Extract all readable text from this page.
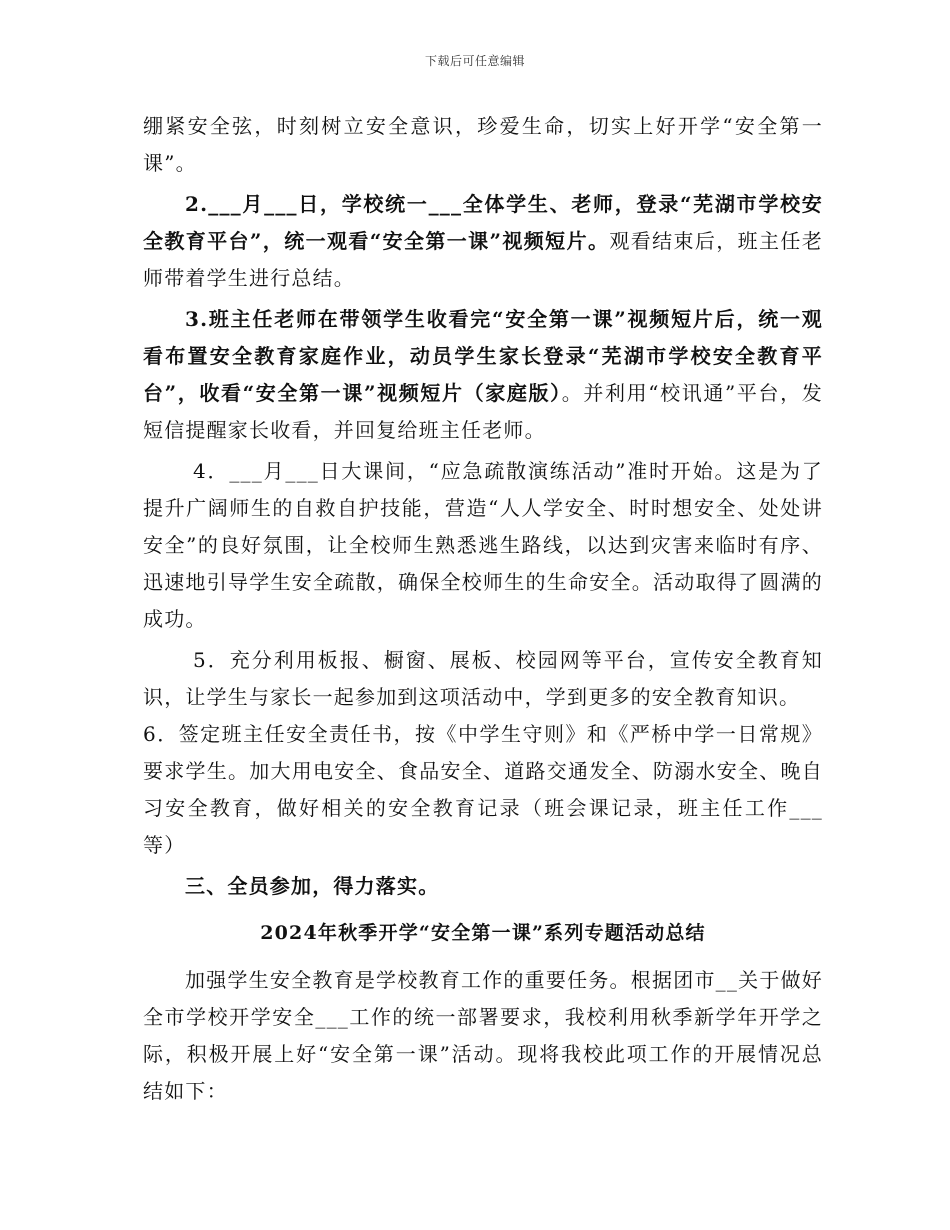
下载后可任意编辑

绷紧安全弦，时刻树立安全意识，珍爱生命，切实上好开学“安全第一课”。

2.___月___日，学校统一___全体学生、老师，登录“芜湖市学校安全教育平台”，统一观看“安全第一课”视频短片。观看结束后，班主任老师带着学生进行总结。

3.班主任老师在带领学生收看完“安全第一课”视频短片后，统一观看布置安全教育家庭作业，动员学生家长登录“芜湖市学校安全教育平台”，收看“安全第一课”视频短片（家庭版）。并利用“校讯通”平台，发短信提醒家长收看，并回复给班主任老师。

4．___月___日大课间，“应急疏散演练活动”准时开始。这是为了提升广阔师生的自救自护技能，营造“人人学安全、时时想安全、处处讲安全”的良好氛围，让全校师生熟悉逃生路线，以达到灾害来临时有序、迅速地引导学生安全疏散，确保全校师生的生命安全。活动取得了圆满的成功。

5．充分利用板报、橱窗、展板、校园网等平台，宣传安全教育知识，让学生与家长一起参加到这项活动中，学到更多的安全教育知识。

6．签定班主任安全责任书，按《中学生守则》和《严桥中学一日常规》要求学生。加大用电安全、食品安全、道路交通发全、防溺水安全、晚自习安全教育，做好相关的安全教育记录（班会课记录，班主任工作___等）

三、全员参加，得力落实。

2024年秋季开学“安全第一课”系列专题活动总结

加强学生安全教育是学校教育工作的重要任务。根据团市__关于做好全市学校开学安全___工作的统一部署要求，我校利用秋季新学年开学之际，积极开展上好“安全第一课”活动。现将我校此项工作的开展情况总结如下：
